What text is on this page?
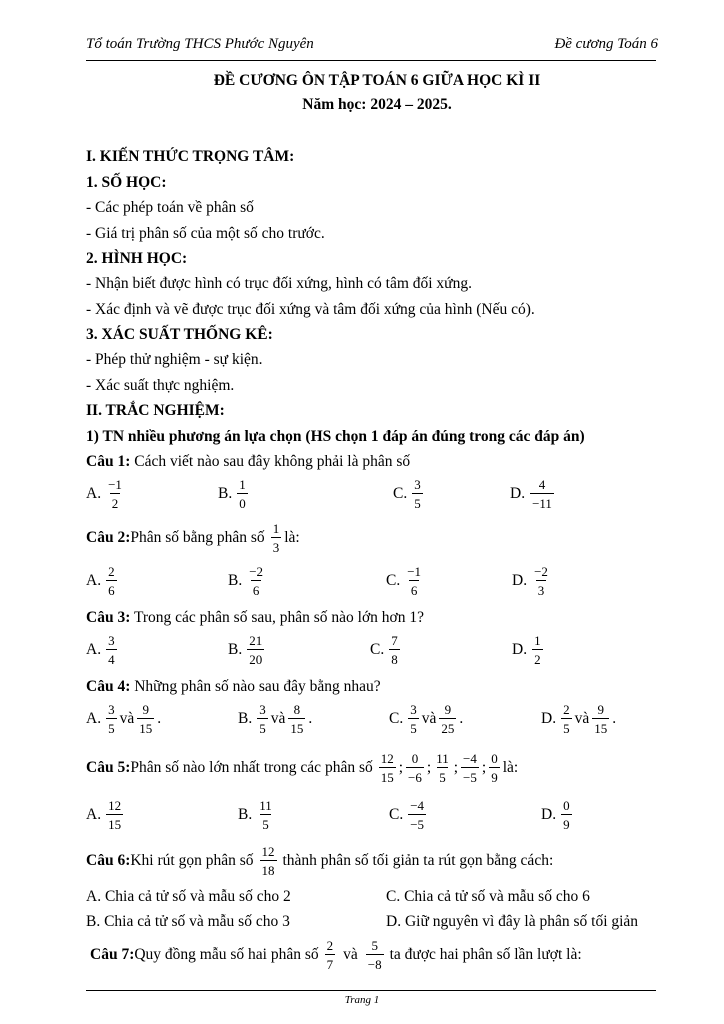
Tổ toán Trường THCS Phước Nguyên	Đề cương Toán 6
ĐỀ CƯƠNG ÔN TẬP TOÁN 6 GIỮA HỌC KÌ II
Năm học: 2024 – 2025.
I. KIẾN THỨC TRỌNG TÂM:
1. SỐ HỌC:
- Các phép toán về phân số
- Giá trị phân số của một số cho trước.
2. HÌNH HỌC:
- Nhận biết được hình có trục đối xứng, hình có tâm đối xứng.
- Xác định và vẽ được trục đối xứng và tâm đối xứng của hình (Nếu có).
3. XÁC SUẤT THỐNG KÊ:
- Phép thử nghiệm - sự kiện.
- Xác suất thực nghiệm.
II. TRẮC NGHIỆM:
1) TN nhiều phương án lựa chọn (HS chọn 1 đáp án đúng trong các đáp án)
Câu 1: Cách viết nào sau đây không phải là phân số
A. $\frac{-1}{2}$	B. $\frac{1}{0}$	C. $\frac{3}{5}$	D. $\frac{4}{-11}$
Câu 2: Phân số bằng phân số $\frac{1}{3}$ là:
A. $\frac{2}{6}$	B. $\frac{-2}{6}$	C. $\frac{-1}{6}$	D. $\frac{-2}{3}$
Câu 3: Trong các phân số sau, phân số nào lớn hơn 1?
A. $\frac{3}{4}$	B. $\frac{21}{20}$	C. $\frac{7}{8}$	D. $\frac{1}{2}$
Câu 4: Những phân số nào sau đây bằng nhau?
A. $\frac{3}{5}$ và $\frac{9}{15}$ .	B. $\frac{3}{5}$ và $\frac{8}{15}$ .	C. $\frac{3}{5}$ và $\frac{9}{25}$ .	D. $\frac{2}{5}$ và $\frac{9}{15}$ .
Câu 5: Phân số nào lớn nhất trong các phân số $\frac{12}{15}$ ; $\frac{0}{-6}$ ; $\frac{11}{5}$ ; $\frac{-4}{-5}$ ; $\frac{0}{9}$ là:
A. $\frac{12}{15}$	B. $\frac{11}{5}$	C. $\frac{-4}{-5}$	D. $\frac{0}{9}$
Câu 6: Khi rút gọn phân số $\frac{12}{18}$ thành phân số tối giản ta rút gọn bằng cách:
A. Chia cả tử số và mẫu số cho 2	C. Chia cả tử số và mẫu số cho 6
B. Chia cả tử số và mẫu số cho 3	D. Giữ nguyên vì đây là phân số tối giản
Câu 7: Quy đồng mẫu số hai phân số $\frac{2}{7}$ và $\frac{5}{-8}$ ta được hai phân số lần lượt là:
Trang 1
